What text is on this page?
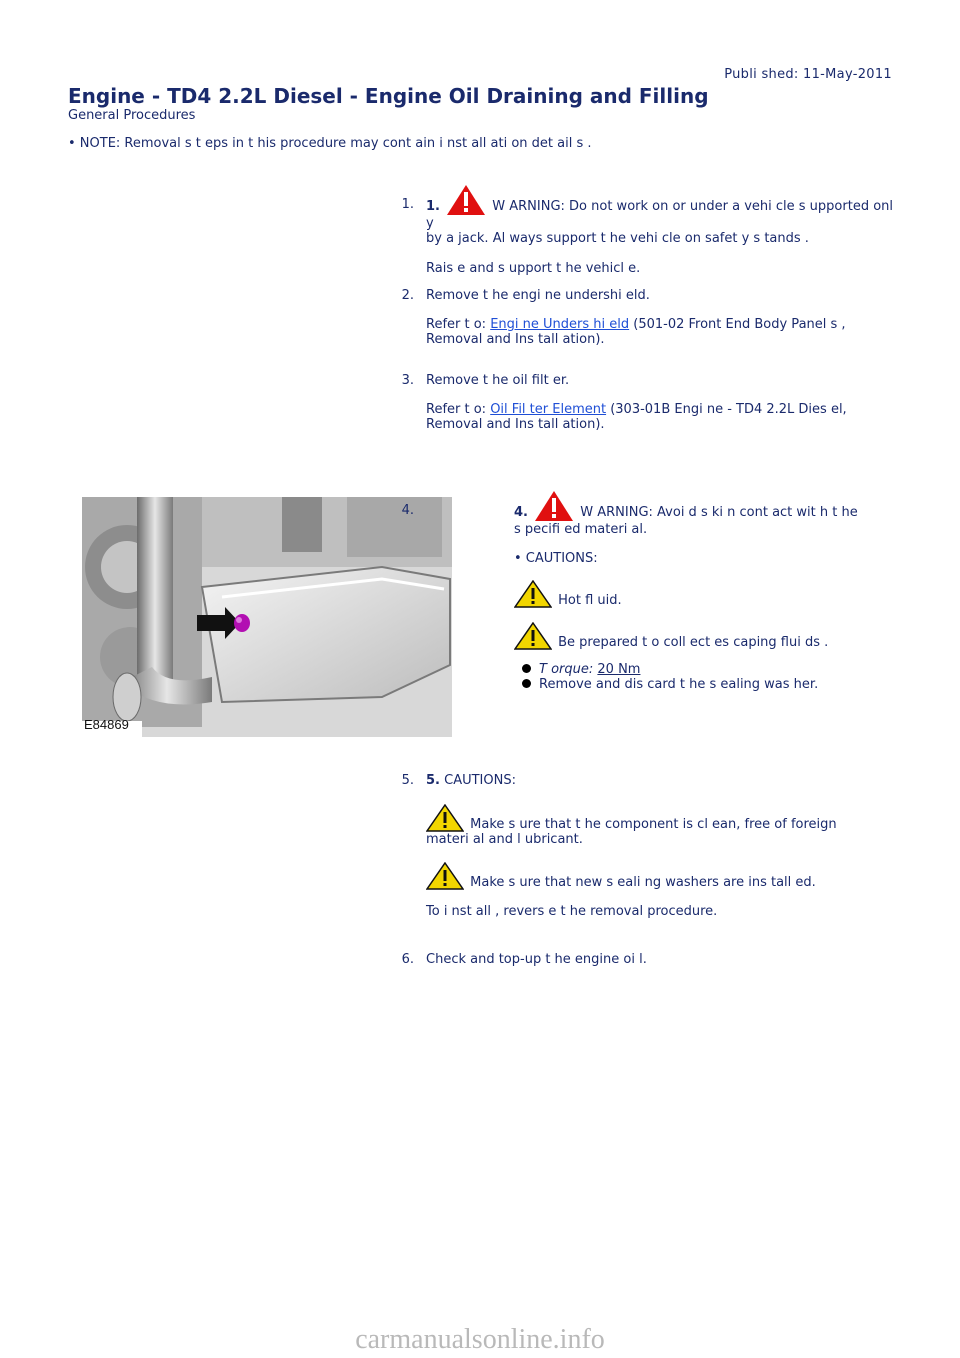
Publi shed: 11-May-2011
Engine - TD4 2.2L Diesel - Engine Oil Draining and Filling
General Procedures
• NOTE: Removal s t eps in t his procedure may cont ain i nst all ati on det ail s .
1. 1.	W ARNING: Do not work on or under a vehi cle s upported onl y
by a jack. Al ways support t he vehi cle on safet y s tands .
Rais e and s upport t he vehicl e.
2. Remove t he engi ne undershi eld.
Refer t o: Engi ne Unders hi eld (501-02 Front End Body Panel s ,
Removal and Ins tall ation).
3. Remove t he oil filt er.
Refer t o: Oil Fil ter Element (303-01B Engi ne - TD4 2.2L Dies el,
Removal and Ins tall ation).
E84869
4.	4.	W ARNING: Avoi d s ki n cont act wit h t he
s pecifi ed materi al.
• CAUTIONS:
Hot fl uid.
Be prepared t o coll ect es caping flui ds .
T orque: 20 Nm
Remove and dis card t he s ealing was her.
5. 5. CAUTIONS:
Make s ure that t he component is cl ean, free of foreign
materi al and l ubricant.
Make s ure that new s eali ng washers are ins tall ed.
To i nst all , revers e t he removal procedure.
6. Check and top-up t he engine oi l.
carmanualsonline.info
